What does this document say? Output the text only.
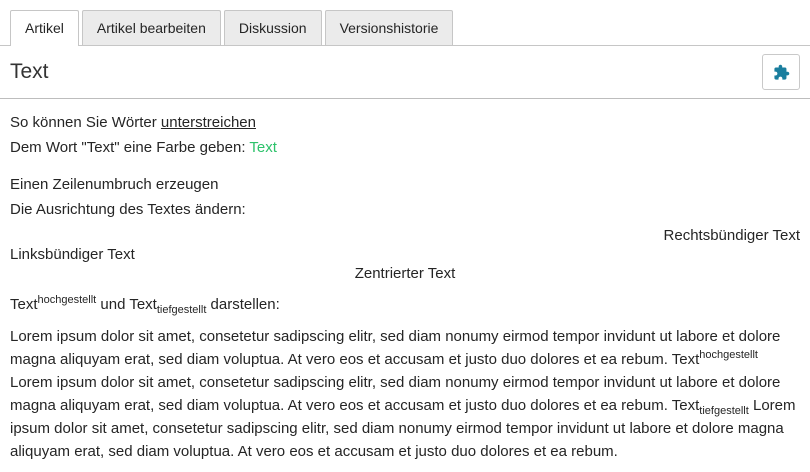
Artikel	Artikel bearbeiten	Diskussion	Versionshistorie
Text
So können Sie Wörter unterstreichen
Dem Wort "Text" eine Farbe geben: Text
Einen Zeilenumbruch erzeugen
Die Ausrichtung des Textes ändern:
Rechtsbündiger Text
Linksbündiger Text
Zentrierter Text
Text$^{hochgestellt}$ und Text$_{tiefgestellt}$ darstellen:

Lorem ipsum dolor sit amet, consetetur sadipscing elitr, sed diam nonumy eirmod tempor invidunt ut labore et dolore magna aliquyam erat, sed diam voluptua. At vero eos et accusam et justo duo dolores et ea rebum. Text$^{hochgestellt}$ Lorem ipsum dolor sit amet, consetetur sadipscing elitr, sed diam nonumy eirmod tempor invidunt ut labore et dolore magna aliquyam erat, sed diam voluptua. At vero eos et accusam et justo duo dolores et ea rebum. Text$_{tiefgestellt}$ Lorem ipsum dolor sit amet, consetetur sadipscing elitr, sed diam nonumy eirmod tempor invidunt ut labore et dolore magna aliquyam erat, sed diam voluptua. At vero eos et accusam et justo duo dolores et ea rebum.
